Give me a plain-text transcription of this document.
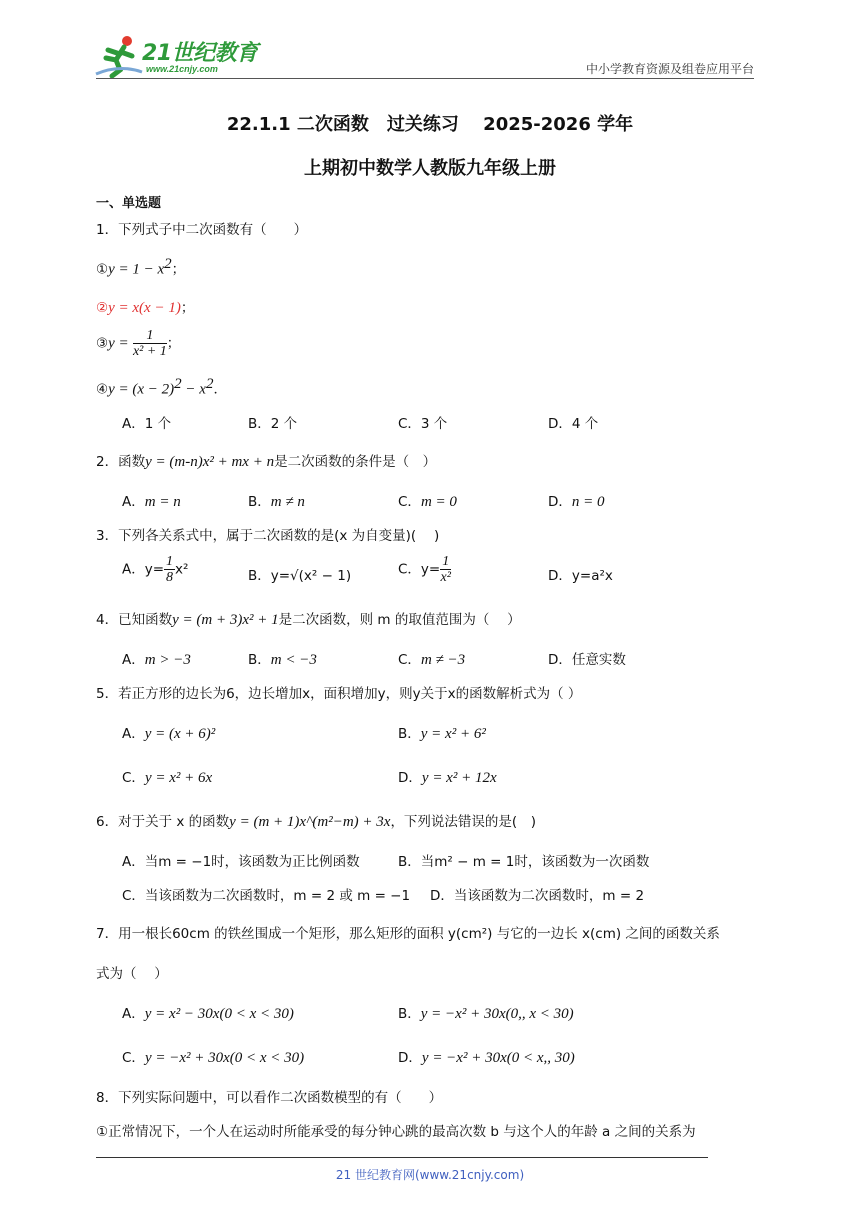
21世纪教育
www.21cnjy.com	中小学教育资源及组卷应用平台
22.1.1 二次函数　过关练习　 2025-2026 学年
上期初中数学人教版九年级上册
一、单选题
1．下列式子中二次函数有（　　）
①y = $1 - x^2$；
②y = x(x − 1)；
③y = $\frac{1}{\text{x² + 1}}$ ；
④y = $(x - 2)^2 - x^2$．
A．1 个	B．2 个	C．3 个	D．4 个
2．函数y = (m-n)x² + mx + n是二次函数的条件是（　）
A．m = n	B．m ≠ n	C．m = 0	D．n = 0
3．下列各关系式中，属于二次函数的是(x 为自变量)(　 )
A．$y= \frac{1}{8} x^2$	B．y=√(x² − 1)	C．$y= \frac{1}{\text{x²}}$	D．y=a²x
4．已知函数y = (m + 3)x² + 1是二次函数，则 m 的取值范围为（　 ）
A．m > −3	B．m < −3	C．m ≠ −3	D．任意实数
5．若正方形的边长为6，边长增加x，面积增加y，则y关于x的函数解析式为（ ）
A．y = (x + 6)²	B．y = x² + 6²
C．y = x² + 6x	D．y = x² + 12x
6．对于关于 x 的函数y = (m + 1)x^(m²−m) + 3x，下列说法错误的是(　)
A．当m = −1时，该函数为正比例函数	B．当m² − m = 1时，该函数为一次函数
C．当该函数为二次函数时，m = 2 或 m = −1 D．当该函数为二次函数时，m = 2
7．用一根长60cm 的铁丝围成一个矩形，那么矩形的面积 y(cm²) 与它的一边长 x(cm) 之间的函数关系
式为（　 ）
A．y = x² − 30x(0 < x < 30)	B．y = −x² + 30x(0,, x < 30)
C．y = −x² + 30x(0 < x < 30)	D．y = −x² + 30x(0 < x,, 30)
8．下列实际问题中，可以看作二次函数模型的有（　　）
①正常情况下，一个人在运动时所能承受的每分钟心跳的最高次数 b 与这个人的年龄 a 之间的关系为
21 世纪教育网(www.21cnjy.com)
